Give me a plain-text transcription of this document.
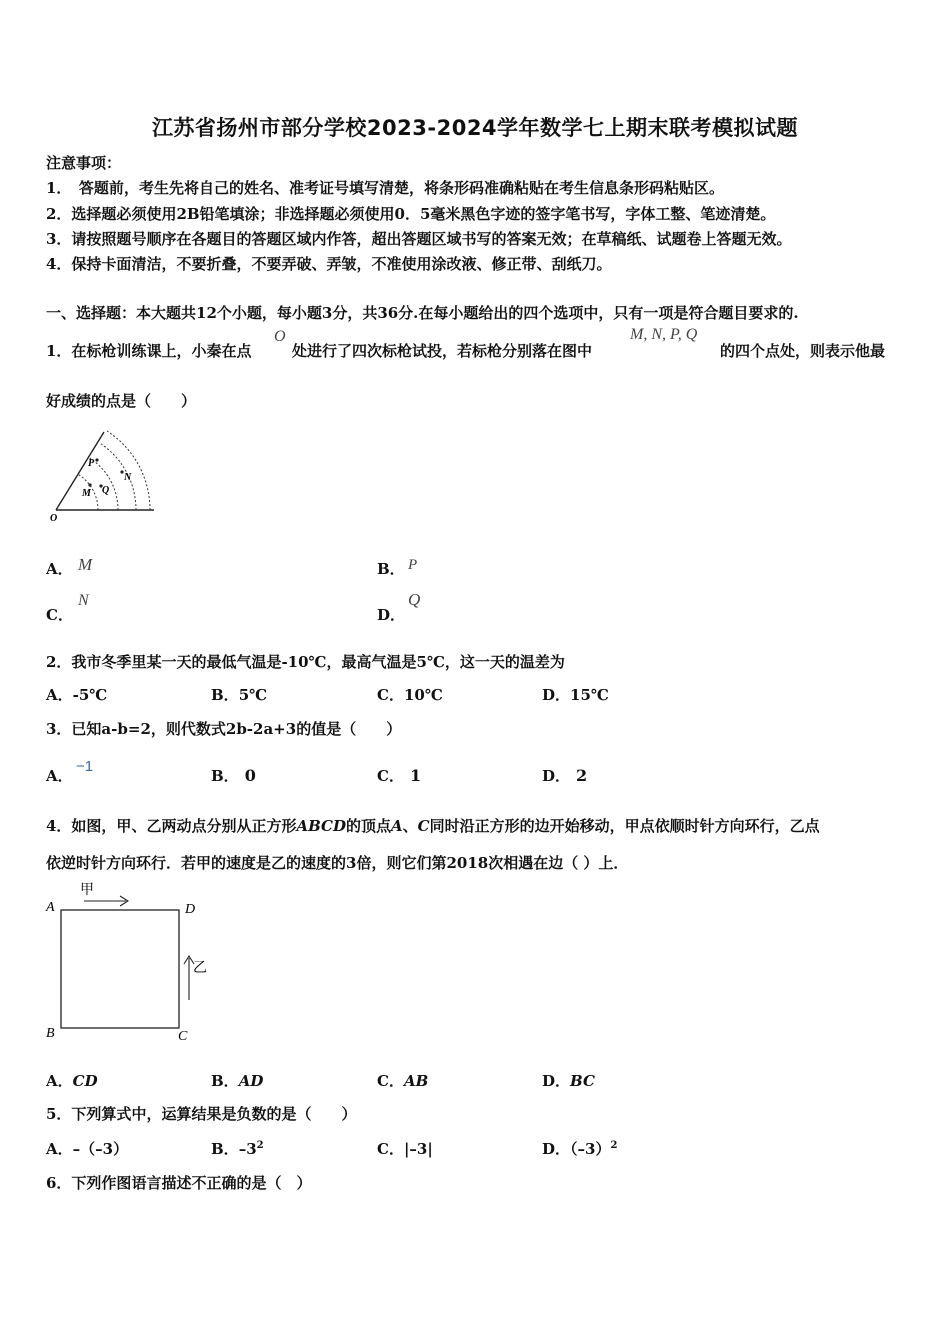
江苏省扬州市部分学校2023-2024学年数学七上期末联考模拟试题
注意事项：
1．　答题前，考生先将自己的姓名、准考证号填写清楚，将条形码准确粘贴在考生信息条形码粘贴区。
2．选择题必须使用2B铅笔填涂；非选择题必须使用0．5毫米黑色字迹的签字笔书写，字体工整、笔迹清楚。
3．请按照题号顺序在各题目的答题区域内作答，超出答题区域书写的答案无效；在草稿纸、试题卷上答题无效。
4．保持卡面清洁，不要折叠，不要弄破、弄皱，不准使用涂改液、修正带、刮纸刀。
一、选择题：本大题共12个小题，每小题3分，共36分.在每小题给出的四个选项中，只有一项是符合题目要求的.
1．在标枪训练课上，小秦在点
O
处进行了四次标枪试投，若标枪分别落在图中
M, N, P, Q
的四个点处，则表示他最
好成绩的点是（　　）
O
P
M Q
N
A． M	B． P
C．
N
D．
Q
2．我市冬季里某一天的最低气温是-10℃，最高气温是5℃，这一天的温差为
A．-5℃	B．5℃	C．10℃	D．15℃
3．已知a-b=2，则代数式2b-2a+3的值是（　　）
A．
−1
B． 0	C． 1	D． 2
4．如图，甲、乙两动点分别从正方形ABCD的顶点A、C同时沿正方形的边开始移动，甲点依顺时针方向环行，乙点
依逆时针方向环行．若甲的速度是乙的速度的3倍，则它们第2018次相遇在边（ ）上．
A	D
B	C
甲
乙
A．CD	B．AD	C．AB	D．BC
5．下列算式中，运算结果是负数的是（　　）
A．–（–3）	B．$-3^2$	C．|–3|	D．$(-3)^2$
6．下列作图语言描述不正确的是（　）
